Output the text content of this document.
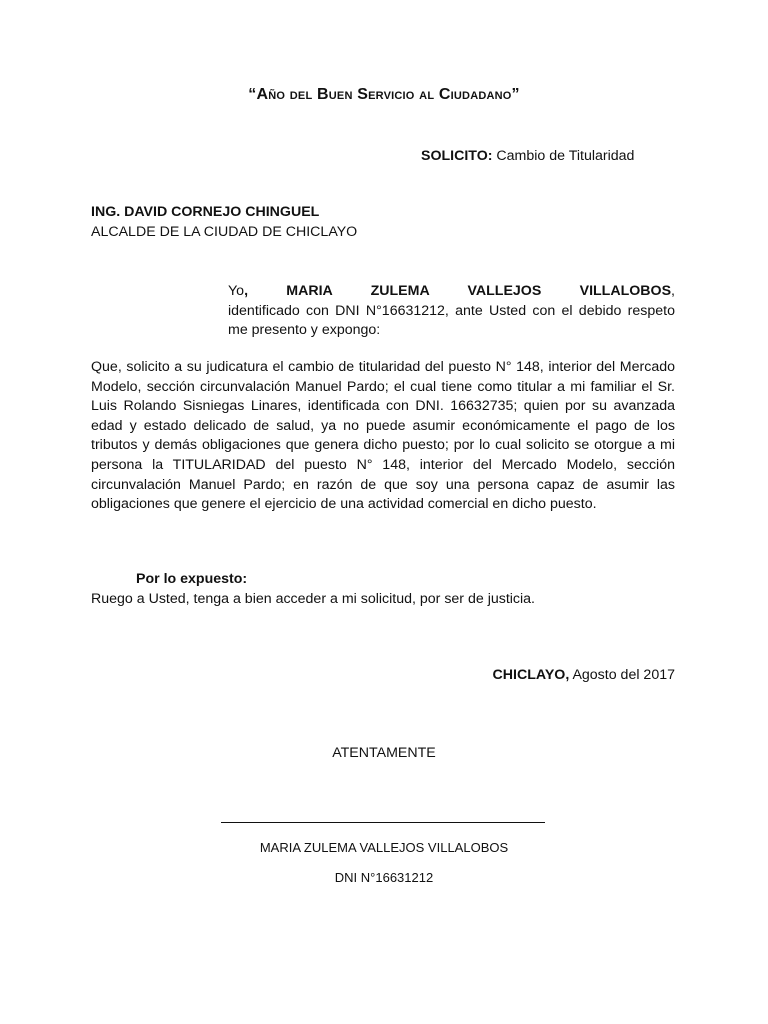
“Año del Buen Servicio al Ciudadano”
SOLICITO: Cambio de Titularidad
ING. DAVID CORNEJO CHINGUEL
ALCALDE DE LA CIUDAD DE CHICLAYO
Yo, MARIA ZULEMA VALLEJOS VILLALOBOS,
identificado con DNI N°16631212, ante Usted con el debido respeto me presento y expongo:
Que, solicito a su judicatura el cambio de titularidad del puesto N° 148, interior del Mercado Modelo, sección circunvalación Manuel Pardo; el cual tiene como titular a mi familiar el Sr. Luis Rolando Sisniegas Linares, identificada con DNI. 16632735; quien por su avanzada edad y estado delicado de salud, ya no puede asumir económicamente el pago de los tributos y demás obligaciones que genera dicho puesto; por lo cual solicito se otorgue a mi persona la TITULARIDAD del puesto N° 148, interior del Mercado Modelo, sección circunvalación Manuel Pardo; en razón de que soy una persona capaz de asumir las obligaciones que genere el ejercicio de una actividad comercial en dicho puesto.
Por lo expuesto:
Ruego a Usted, tenga a bien acceder a mi solicitud, por ser de justicia.
CHICLAYO, Agosto del 2017
ATENTAMENTE
MARIA ZULEMA VALLEJOS VILLALOBOS
DNI N°16631212
